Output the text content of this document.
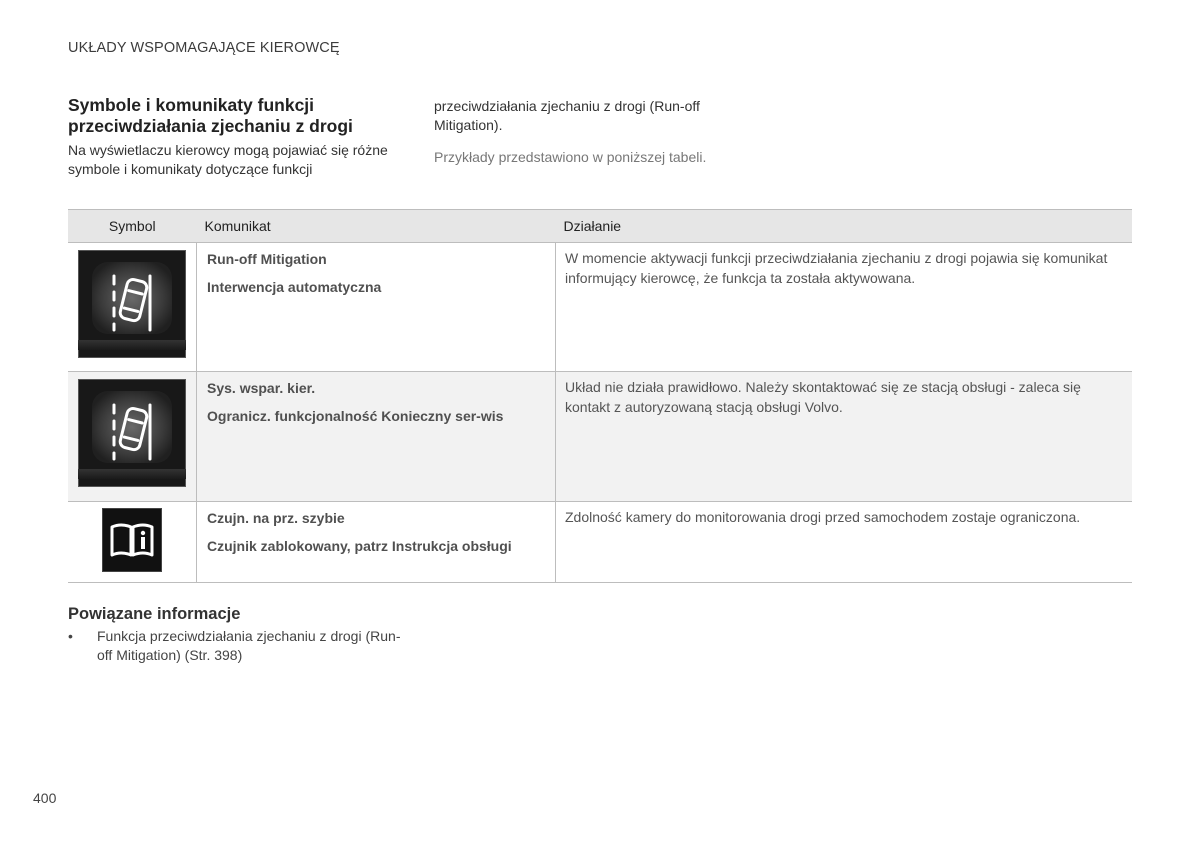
UKŁADY WSPOMAGAJĄCE KIEROWCĘ
Symbole i komunikaty funkcji przeciwdziałania zjechaniu z drogi
Na wyświetlaczu kierowcy mogą pojawiać się różne symbole i komunikaty dotyczące funkcji
przeciwdziałania zjechaniu z drogi (Run-off Mitigation).
Przykłady przedstawiono w poniższej tabeli.
Symbol	Komunikat	Działanie

Run-off Mitigation
Interwencja automatyczna	W momencie aktywacji funkcji przeciwdziałania zjechaniu z drogi pojawia się komunikat informujący kierowcę, że funkcja ta została aktywowana.

Sys. wspar. kier.
Ogranicz. funkcjonalność Konieczny ser-wis	Układ nie działa prawidłowo. Należy skontaktować się ze stacją obsługi - zaleca się kontakt z autoryzowaną stacją obsługi Volvo.

Czujn. na prz. szybie
Czujnik zablokowany, patrz Instrukcja obsługi	Zdolność kamery do monitorowania drogi przed samochodem zostaje ograniczona.
Powiązane informacje
• Funkcja przeciwdziałania zjechaniu z drogi (Run-off Mitigation) (Str. 398)
400
